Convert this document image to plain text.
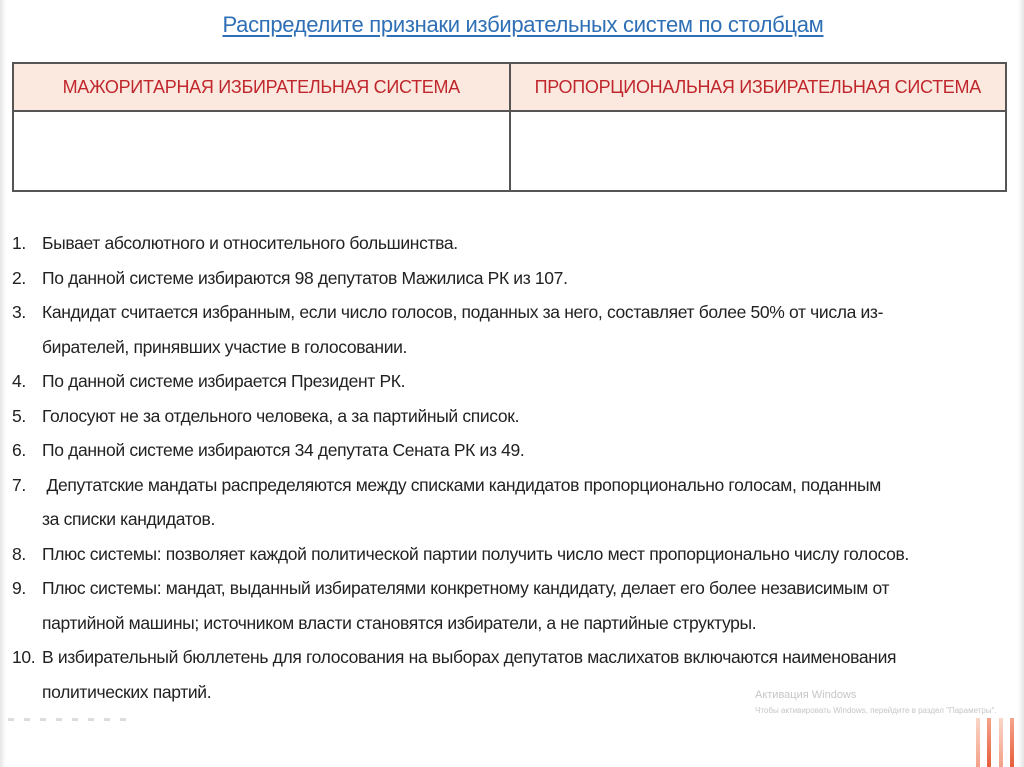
Распределите признаки избирательных систем по столбцам
МАЖОРИТАРНАЯ ИЗБИРАТЕЛЬНАЯ СИСТЕМА	ПРОПОРЦИОНАЛЬНАЯ ИЗБИРАТЕЛЬНАЯ СИСТЕМА

1. Бывает абсолютного и относительного большинства.
2. По данной системе избираются 98 депутатов Мажилиса РК из 107.
3. Кандидат считается избранным, если число голосов, поданных за него, составляет более 50% от числа из-
бирателей, принявших участие в голосовании.
4. По данной системе избирается Президент РК.
5. Голосуют не за отдельного человека, а за партийный список.
6. По данной системе избираются 34 депутата Сената РК из 49.
7. Депутатские мандаты распределяются между списками кандидатов пропорционально голосам, поданным
за списки кандидатов.
8. Плюс системы: позволяет каждой политической партии получить число мест пропорционально числу голосов.
9. Плюс системы: мандат, выданный избирателями конкретному кандидату, делает его более независимым от
партийной машины; источником власти становятся избиратели, а не партийные структуры.
10. В избирательный бюллетень для голосования на выборах депутатов маслихатов включаются наименования
политических партий.	Активация Windows
Чтобы активировать Windows, перейдите в раздел "Параметры".
